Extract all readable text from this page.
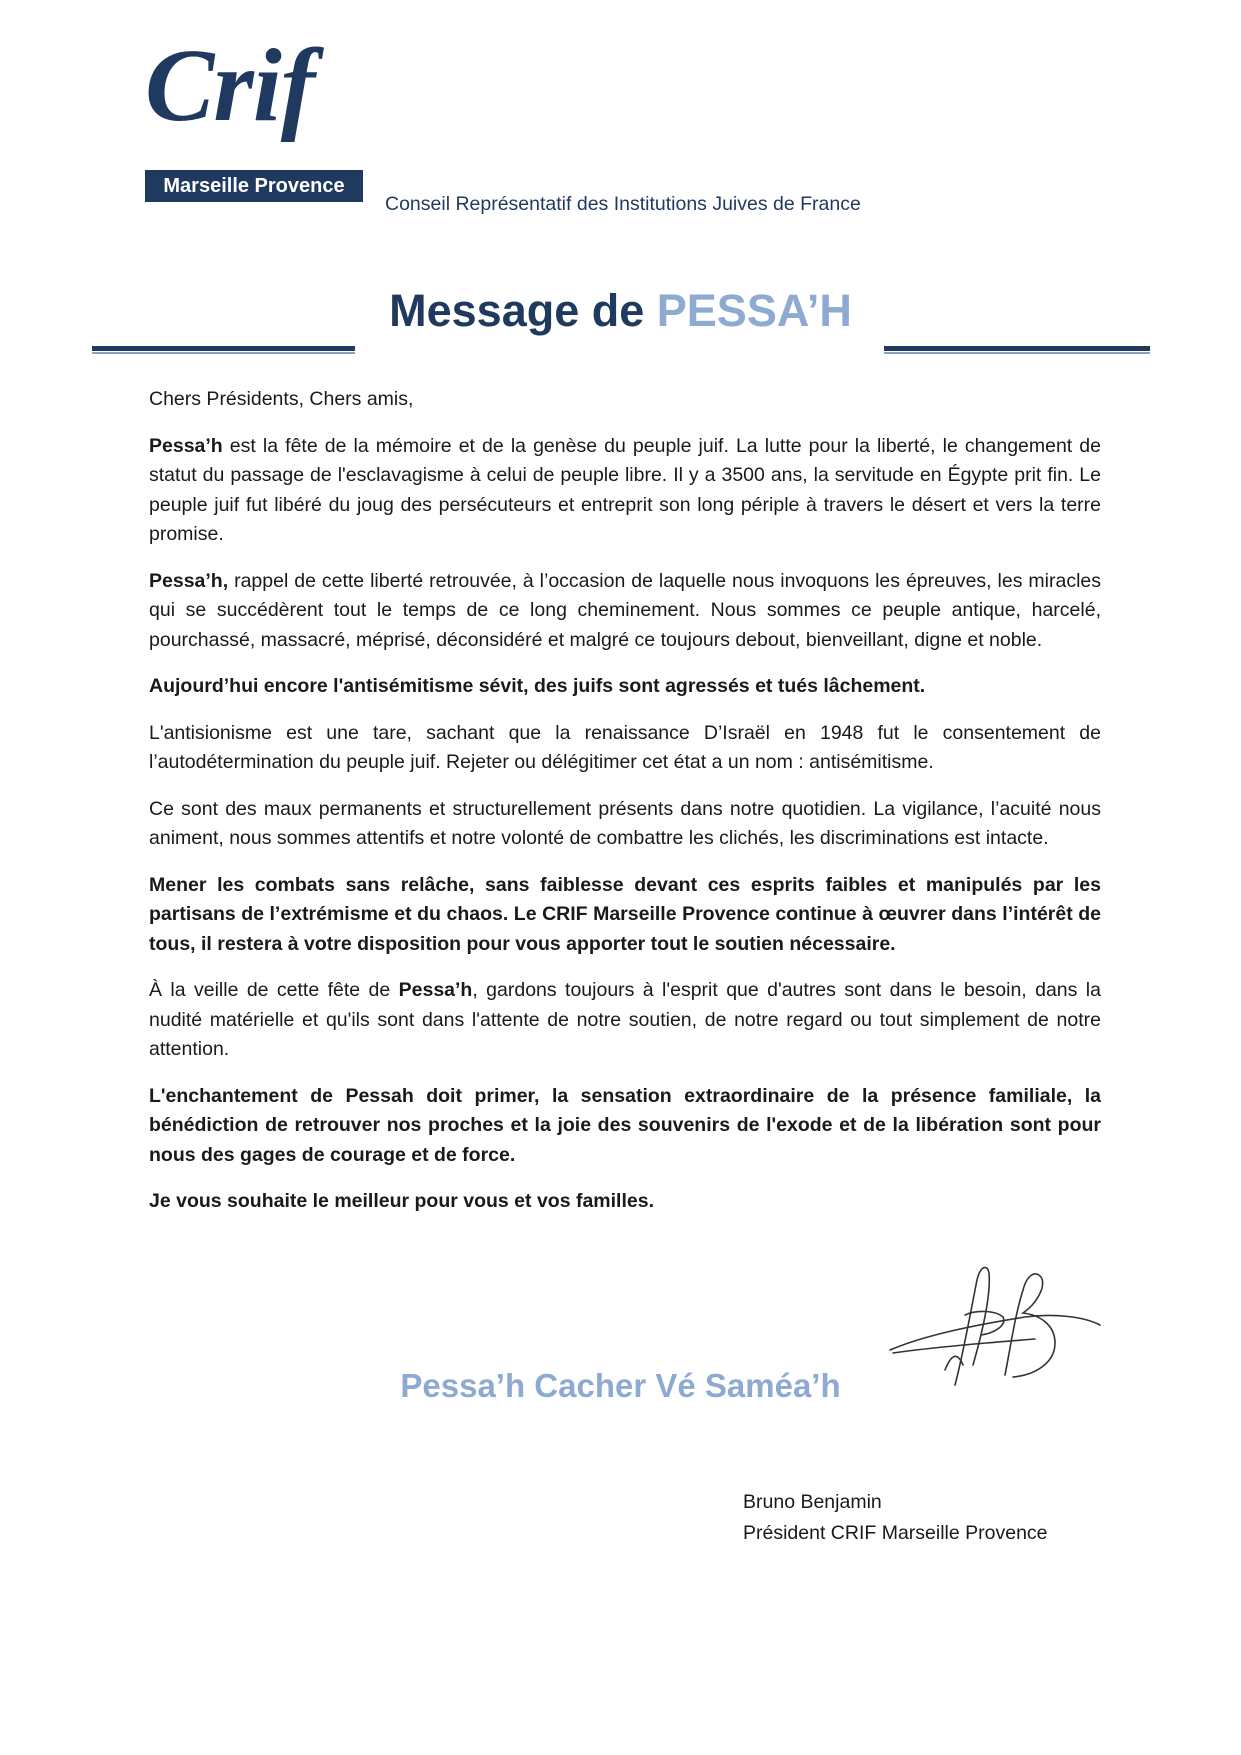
Crif
Marseille Provence
Conseil Représentatif des Institutions Juives de France
Message de PESSA’H

Chers Présidents, Chers amis,

Pessa’h est la fête de la mémoire et de la genèse du peuple juif. La lutte pour la liberté, le changement de statut du passage de l'esclavagisme à celui de peuple libre. Il y a 3500 ans, la servitude en Égypte prit fin. Le peuple juif fut libéré du joug des persécuteurs et entreprit son long périple à travers le désert et vers la terre promise.

Pessa’h, rappel de cette liberté retrouvée, à l’occasion de laquelle nous invoquons les épreuves, les miracles qui se succédèrent tout le temps de ce long cheminement. Nous sommes ce peuple antique, harcelé, pourchassé, massacré, méprisé, déconsidéré et malgré ce toujours debout, bienveillant, digne et noble.

Aujourd’hui encore l'antisémitisme sévit, des juifs sont agressés et tués lâchement.

L'antisionisme est une tare, sachant que la renaissance D’Israël en 1948 fut le consentement de l’autodétermination du peuple juif. Rejeter ou délégitimer cet état a un nom : antisémitisme.

Ce sont des maux permanents et structurellement présents dans notre quotidien. La vigilance, l’acuité nous animent, nous sommes attentifs et notre volonté de combattre les clichés, les discriminations est intacte.

Mener les combats sans relâche, sans faiblesse devant ces esprits faibles et manipulés par les partisans de l’extrémisme et du chaos. Le CRIF Marseille Provence continue à œuvrer dans l’intérêt de tous, il restera à votre disposition pour vous apporter tout le soutien nécessaire.

À la veille de cette fête de Pessa’h, gardons toujours à l'esprit que d'autres sont dans le besoin, dans la nudité matérielle et qu'ils sont dans l'attente de notre soutien, de notre regard ou tout simplement de notre attention.

L'enchantement de Pessah doit primer, la sensation extraordinaire de la présence familiale, la bénédiction de retrouver nos proches et la joie des souvenirs de l'exode et de la libération sont pour nous des gages de courage et de force.

Je vous souhaite le meilleur pour vous et vos familles.

Pessa’h Cacher Vé Saméa’h
Bruno Benjamin
Président CRIF Marseille Provence
